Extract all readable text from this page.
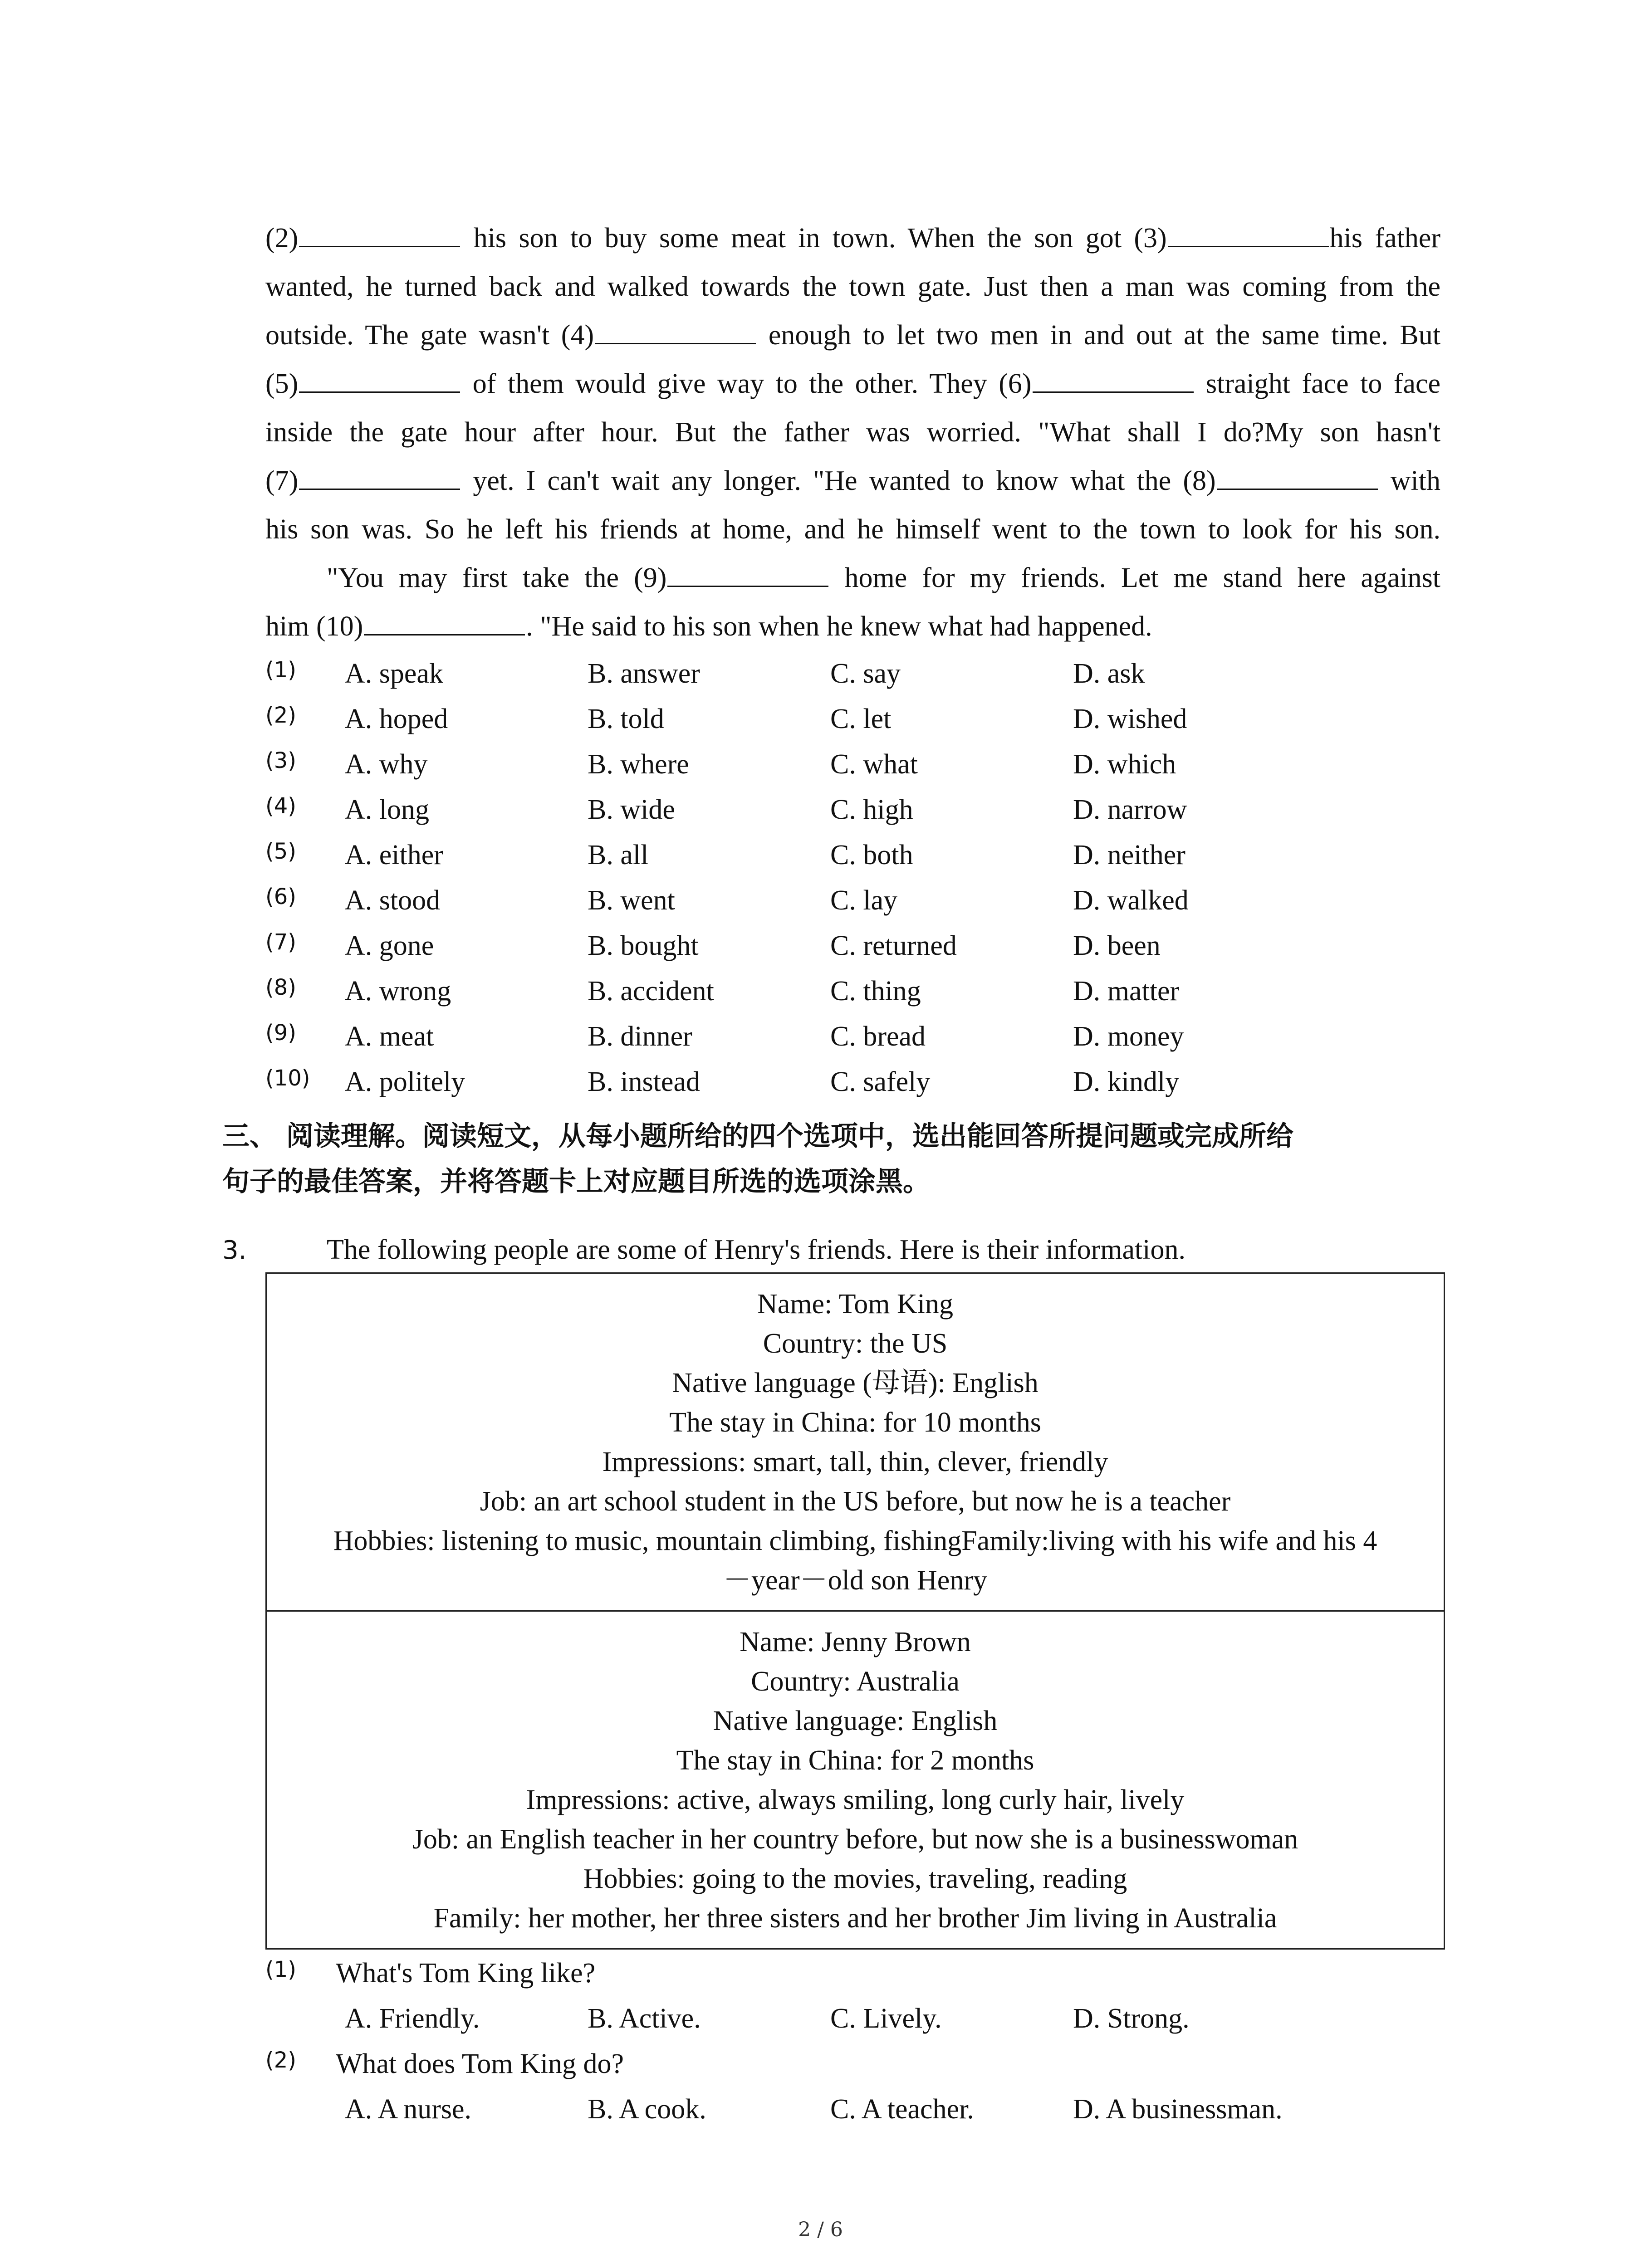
(2)	his son to buy some meat in town. When the son got (3)	his father
wanted, he turned back and walked towards the town gate. Just then a man was coming from the
outside. The gate wasn't (4)	enough to let two men in and out at the same time. But
(5)	of them would give way to the other. They (6)	straight face to face
inside the gate hour after hour. But the father was worried. "What shall I do?My son hasn't
(7)	yet. I can't wait any longer. "He wanted to know what the (8)	with
his son was. So he left his friends at home, and he himself went to the town to look for his son.
"You may first take the (9)	home for my friends. Let me stand here against
him (10)	. "He said to his son when he knew what had happened.
(1) A. speak	B. answer	C. say	D. ask
(2) A. hoped	B. told	C. let	D. wished
(3) A. why	B. where	C. what	D. which
(4) A. long	B. wide	C. high	D. narrow
(5) A. either	B. all	C. both	D. neither
(6) A. stood	B. went	C. lay	D. walked
(7) A. gone	B. bought	C. returned	D. been
(8) A. wrong	B. accident	C. thing	D. matter
(9) A. meat	B. dinner	C. bread	D. money
(10) A. politely	B. instead	C. safely	D. kindly
三、 阅读理解。阅读短文，从每小题所给的四个选项中，选出能回答所提问题或完成所给
句子的最佳答案，并将答题卡上对应题目所选的选项涂黑。
3.	The following people are some of Henry's friends. Here is their information.
Name: Tom King
Country: the US
Native language (母语): English
The stay in China: for 10 months
Impressions: smart, tall, thin, clever, friendly
Job: an art school student in the US before, but now he is a teacher
Hobbies: listening to music, mountain climbing, fishingFamily:living with his wife and his 4
－year－old son Henry
Name: Jenny Brown
Country: Australia
Native language: English
The stay in China: for 2 months
Impressions: active, always smiling, long curly hair, lively
Job: an English teacher in her country before, but now she is a businesswoman
Hobbies: going to the movies, traveling, reading
Family: her mother, her three sisters and her brother Jim living in Australia
(1) What's Tom King like?
A. Friendly.	B. Active.	C. Lively.	D. Strong.
(2) What does Tom King do?
A. A nurse.	B. A cook.	C. A teacher.	D. A businessman.
2 / 6
